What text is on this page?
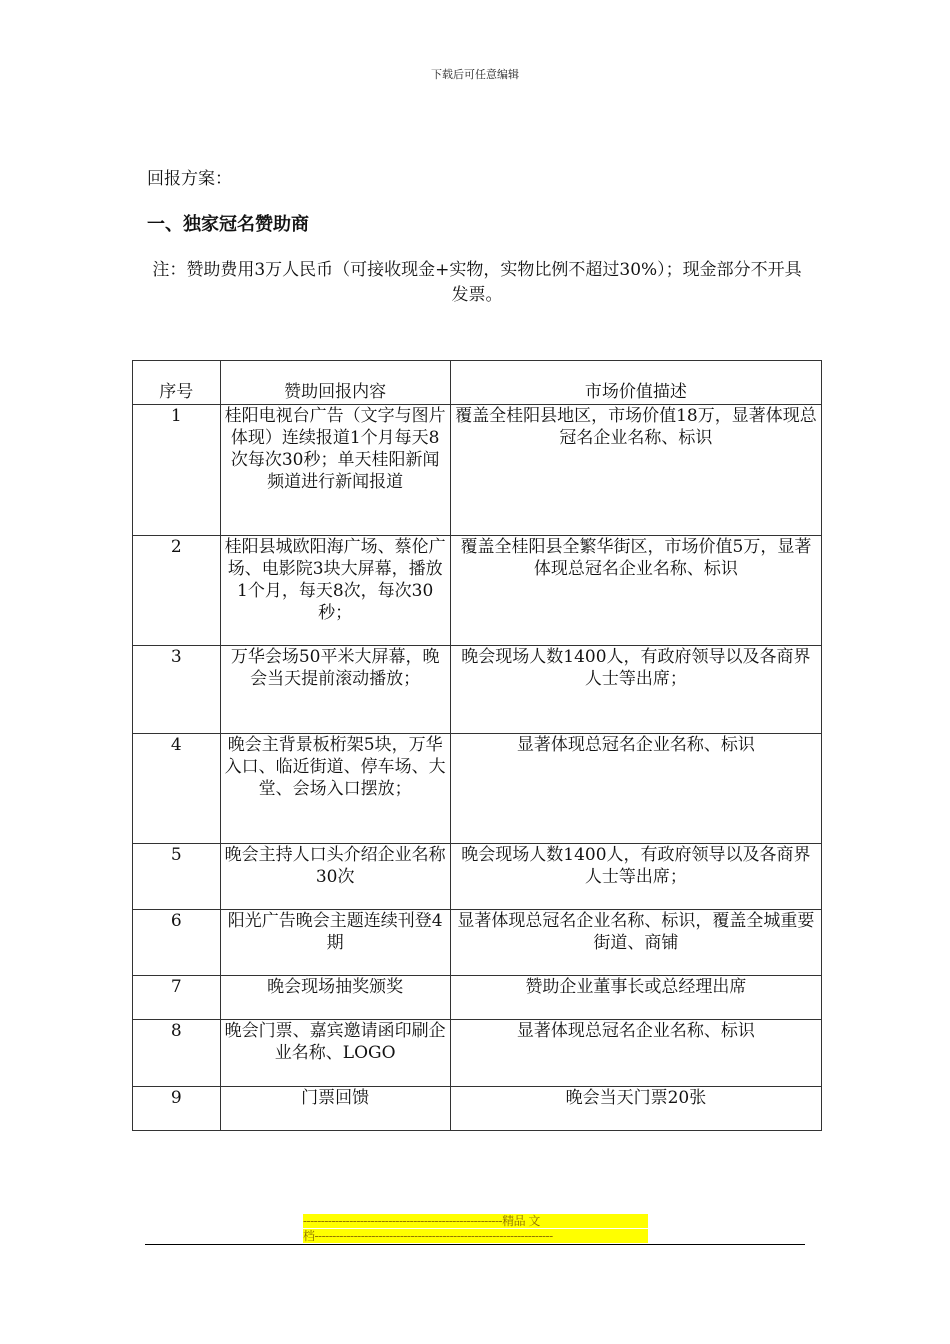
下载后可任意编辑
回报方案：
一、独家冠名赞助商
注：赞助费用3万人民币（可接收现金+实物，实物比例不超过30%）；现金部分不开具发票。
序号	赞助回报内容	市场价值描述
1	桂阳电视台广告（文字与图片体现）连续报道1个月每天8次每次30秒；单天桂阳新闻频道进行新闻报道	覆盖全桂阳县地区，市场价值18万，显著体现总冠名企业名称、标识
2	桂阳县城欧阳海广场、蔡伦广场、电影院3块大屏幕，播放1个月，每天8次，每次30秒；	覆盖全桂阳县全繁华街区，市场价值5万，显著体现总冠名企业名称、标识
3	万华会场50平米大屏幕，晚会当天提前滚动播放；	晚会现场人数1400人，有政府领导以及各商界人士等出席；
4	晚会主背景板桁架5块，万华入口、临近街道、停车场、大堂、会场入口摆放；	显著体现总冠名企业名称、标识
5	晚会主持人口头介绍企业名称30次	晚会现场人数1400人，有政府领导以及各商界人士等出席；
6	阳光广告晚会主题连续刊登4期	显著体现总冠名企业名称、标识，覆盖全城重要街道、商铺
7	晚会现场抽奖颁奖	赞助企业董事长或总经理出席
8	晚会门票、嘉宾邀请函印刷企业名称、LOGO	显著体现总冠名企业名称、标识
9	门票回馈	晚会当天门票20张
--------------------------------------------------------精品 文
档-------------------------------------------------------------------
